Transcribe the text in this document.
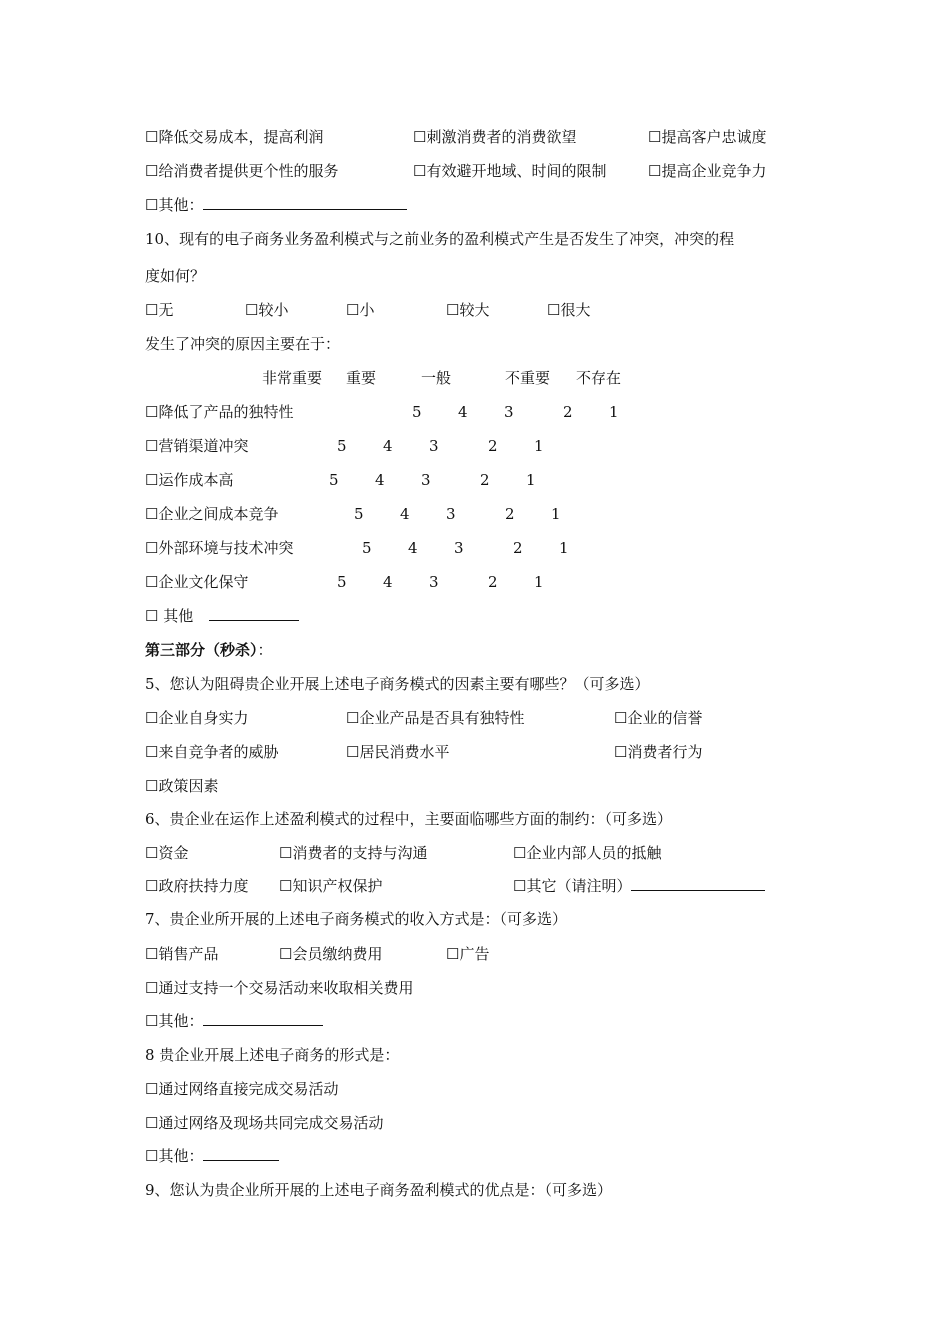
☐降低交易成本，提高利润	☐刺激消费者的消费欲望	☐提高客户忠诚度
☐给消费者提供更个性的服务	☐有效避开地域、时间的限制	☐提高企业竞争力
☐其他：
10、现有的电子商务业务盈利模式与之前业务的盈利模式产生是否发生了冲突，冲突的程
度如何？
☐无	☐较小	☐小	☐较大	☐很大
发生了冲突的原因主要在于：
非常重要 重要	一般	不重要 不存在
☐降低了产品的独特性	5 4 3	2 1
☐营销渠道冲突	5 4 3	2 1
☐运作成本高	5 4 3	2 1
☐企业之间成本竞争	5 4 3	2 1
☐外部环境与技术冲突	5 4 3	2 1
☐企业文化保守	5 4 3	2 1
☐ 其他
第三部分（秒杀）：
5、您认为阻碍贵企业开展上述电子商务模式的因素主要有哪些？（可多选）
☐企业自身实力	☐企业产品是否具有独特性	☐企业的信誉
☐来自竞争者的威胁	☐居民消费水平	☐消费者行为
☐政策因素
6、贵企业在运作上述盈利模式的过程中，主要面临哪些方面的制约：（可多选）
☐资金	☐消费者的支持与沟通	☐企业内部人员的抵触
☐政府扶持力度 ☐知识产权保护	☐其它（请注明）
7、贵企业所开展的上述电子商务模式的收入方式是：（可多选）
☐销售产品	☐会员缴纳费用	☐广告
☐通过支持一个交易活动来收取相关费用
☐其他：
8 贵企业开展上述电子商务的形式是：
☐通过网络直接完成交易活动
☐通过网络及现场共同完成交易活动
☐其他：
9、您认为贵企业所开展的上述电子商务盈利模式的优点是：（可多选）
